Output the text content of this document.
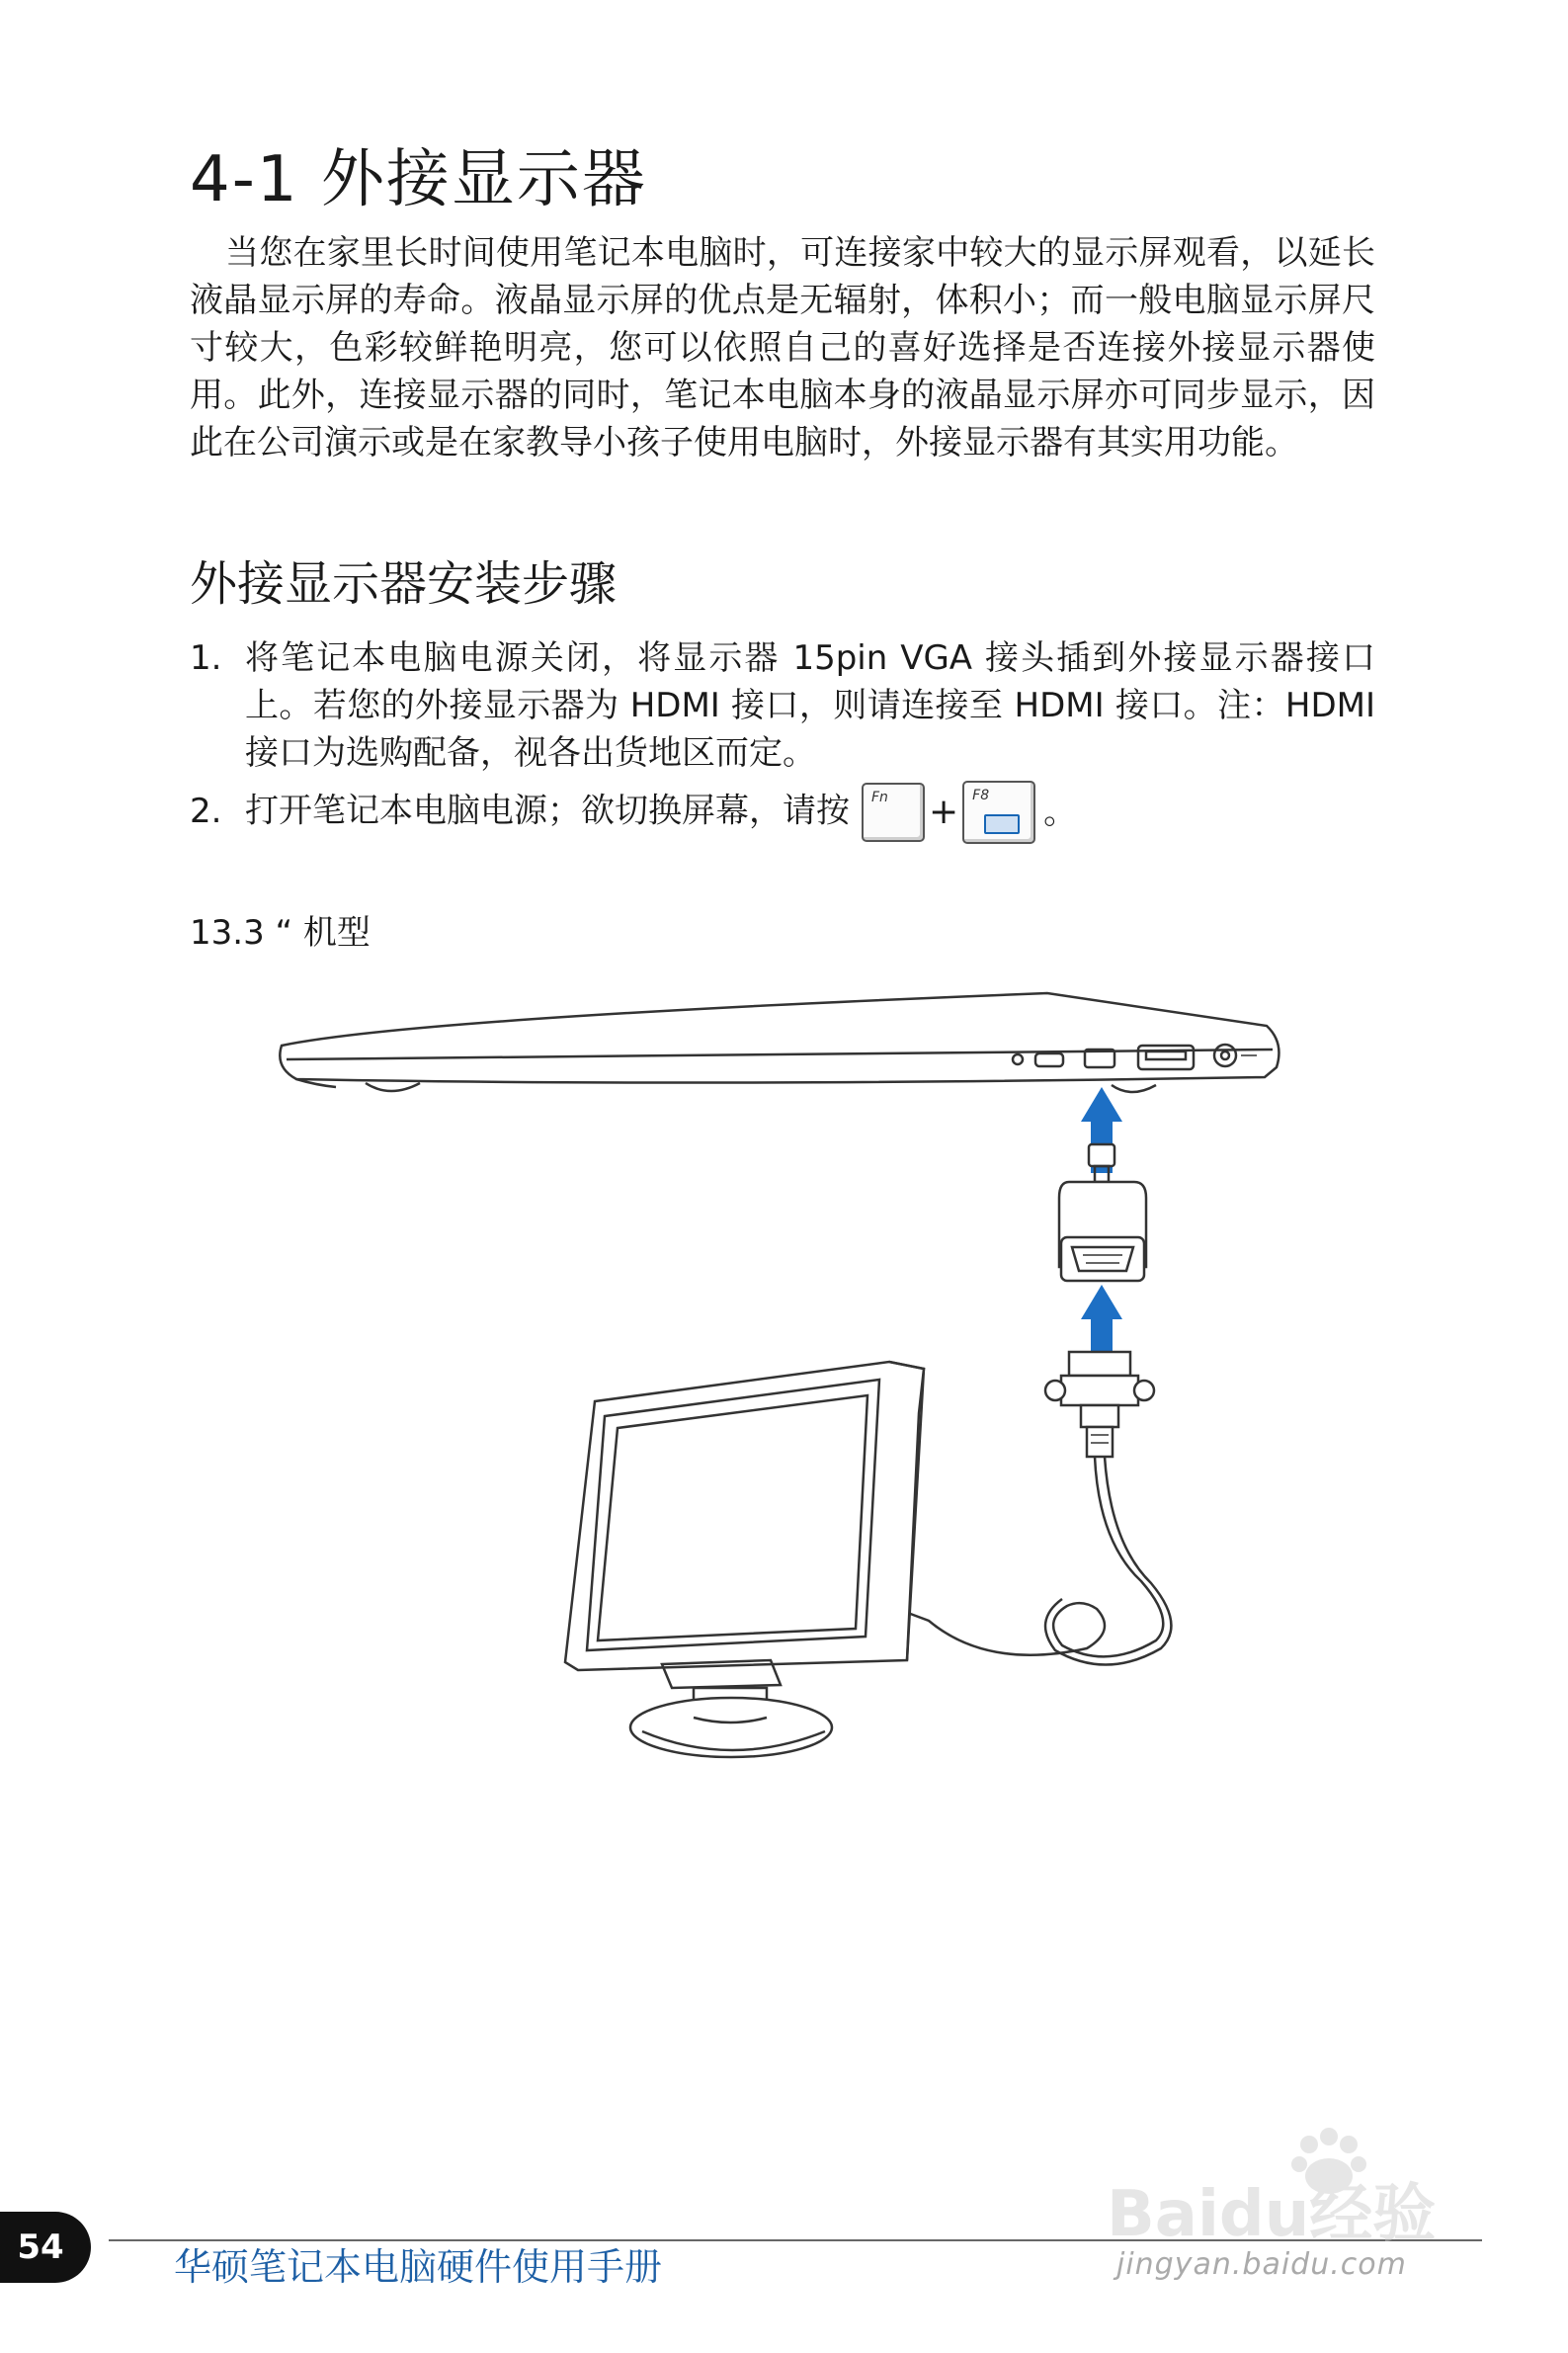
4-1 外接显示器

当您在家里长时间使用笔记本电脑时，可连接家中较大的显示屏观看，以延长液晶显示屏的寿命。液晶显示屏的优点是无辐射，体积小；而一般电脑显示屏尺寸较大，色彩较鲜艳明亮，您可以依照自己的喜好选择是否连接外接显示器使用。此外，连接显示器的同时，笔记本电脑本身的液晶显示屏亦可同步显示，因此在公司演示或是在家教导小孩子使用电脑时，外接显示器有其实用功能。

外接显示器安装步骤
1. 将笔记本电脑电源关闭，将显示器 15pin VGA 接头插到外接显示器接口上。若您的外接显示器为 HDMI 接口，则请连接至 HDMI 接口。注：HDMI 接口为选购配备，视各出货地区而定。
2. 打开笔记本电脑电源；欲切换屏幕，请按 Fn + F8 。
13.3 “ 机型
54	华硕笔记本电脑硬件使用手册
Baidu经验
jingyan.baidu.com
